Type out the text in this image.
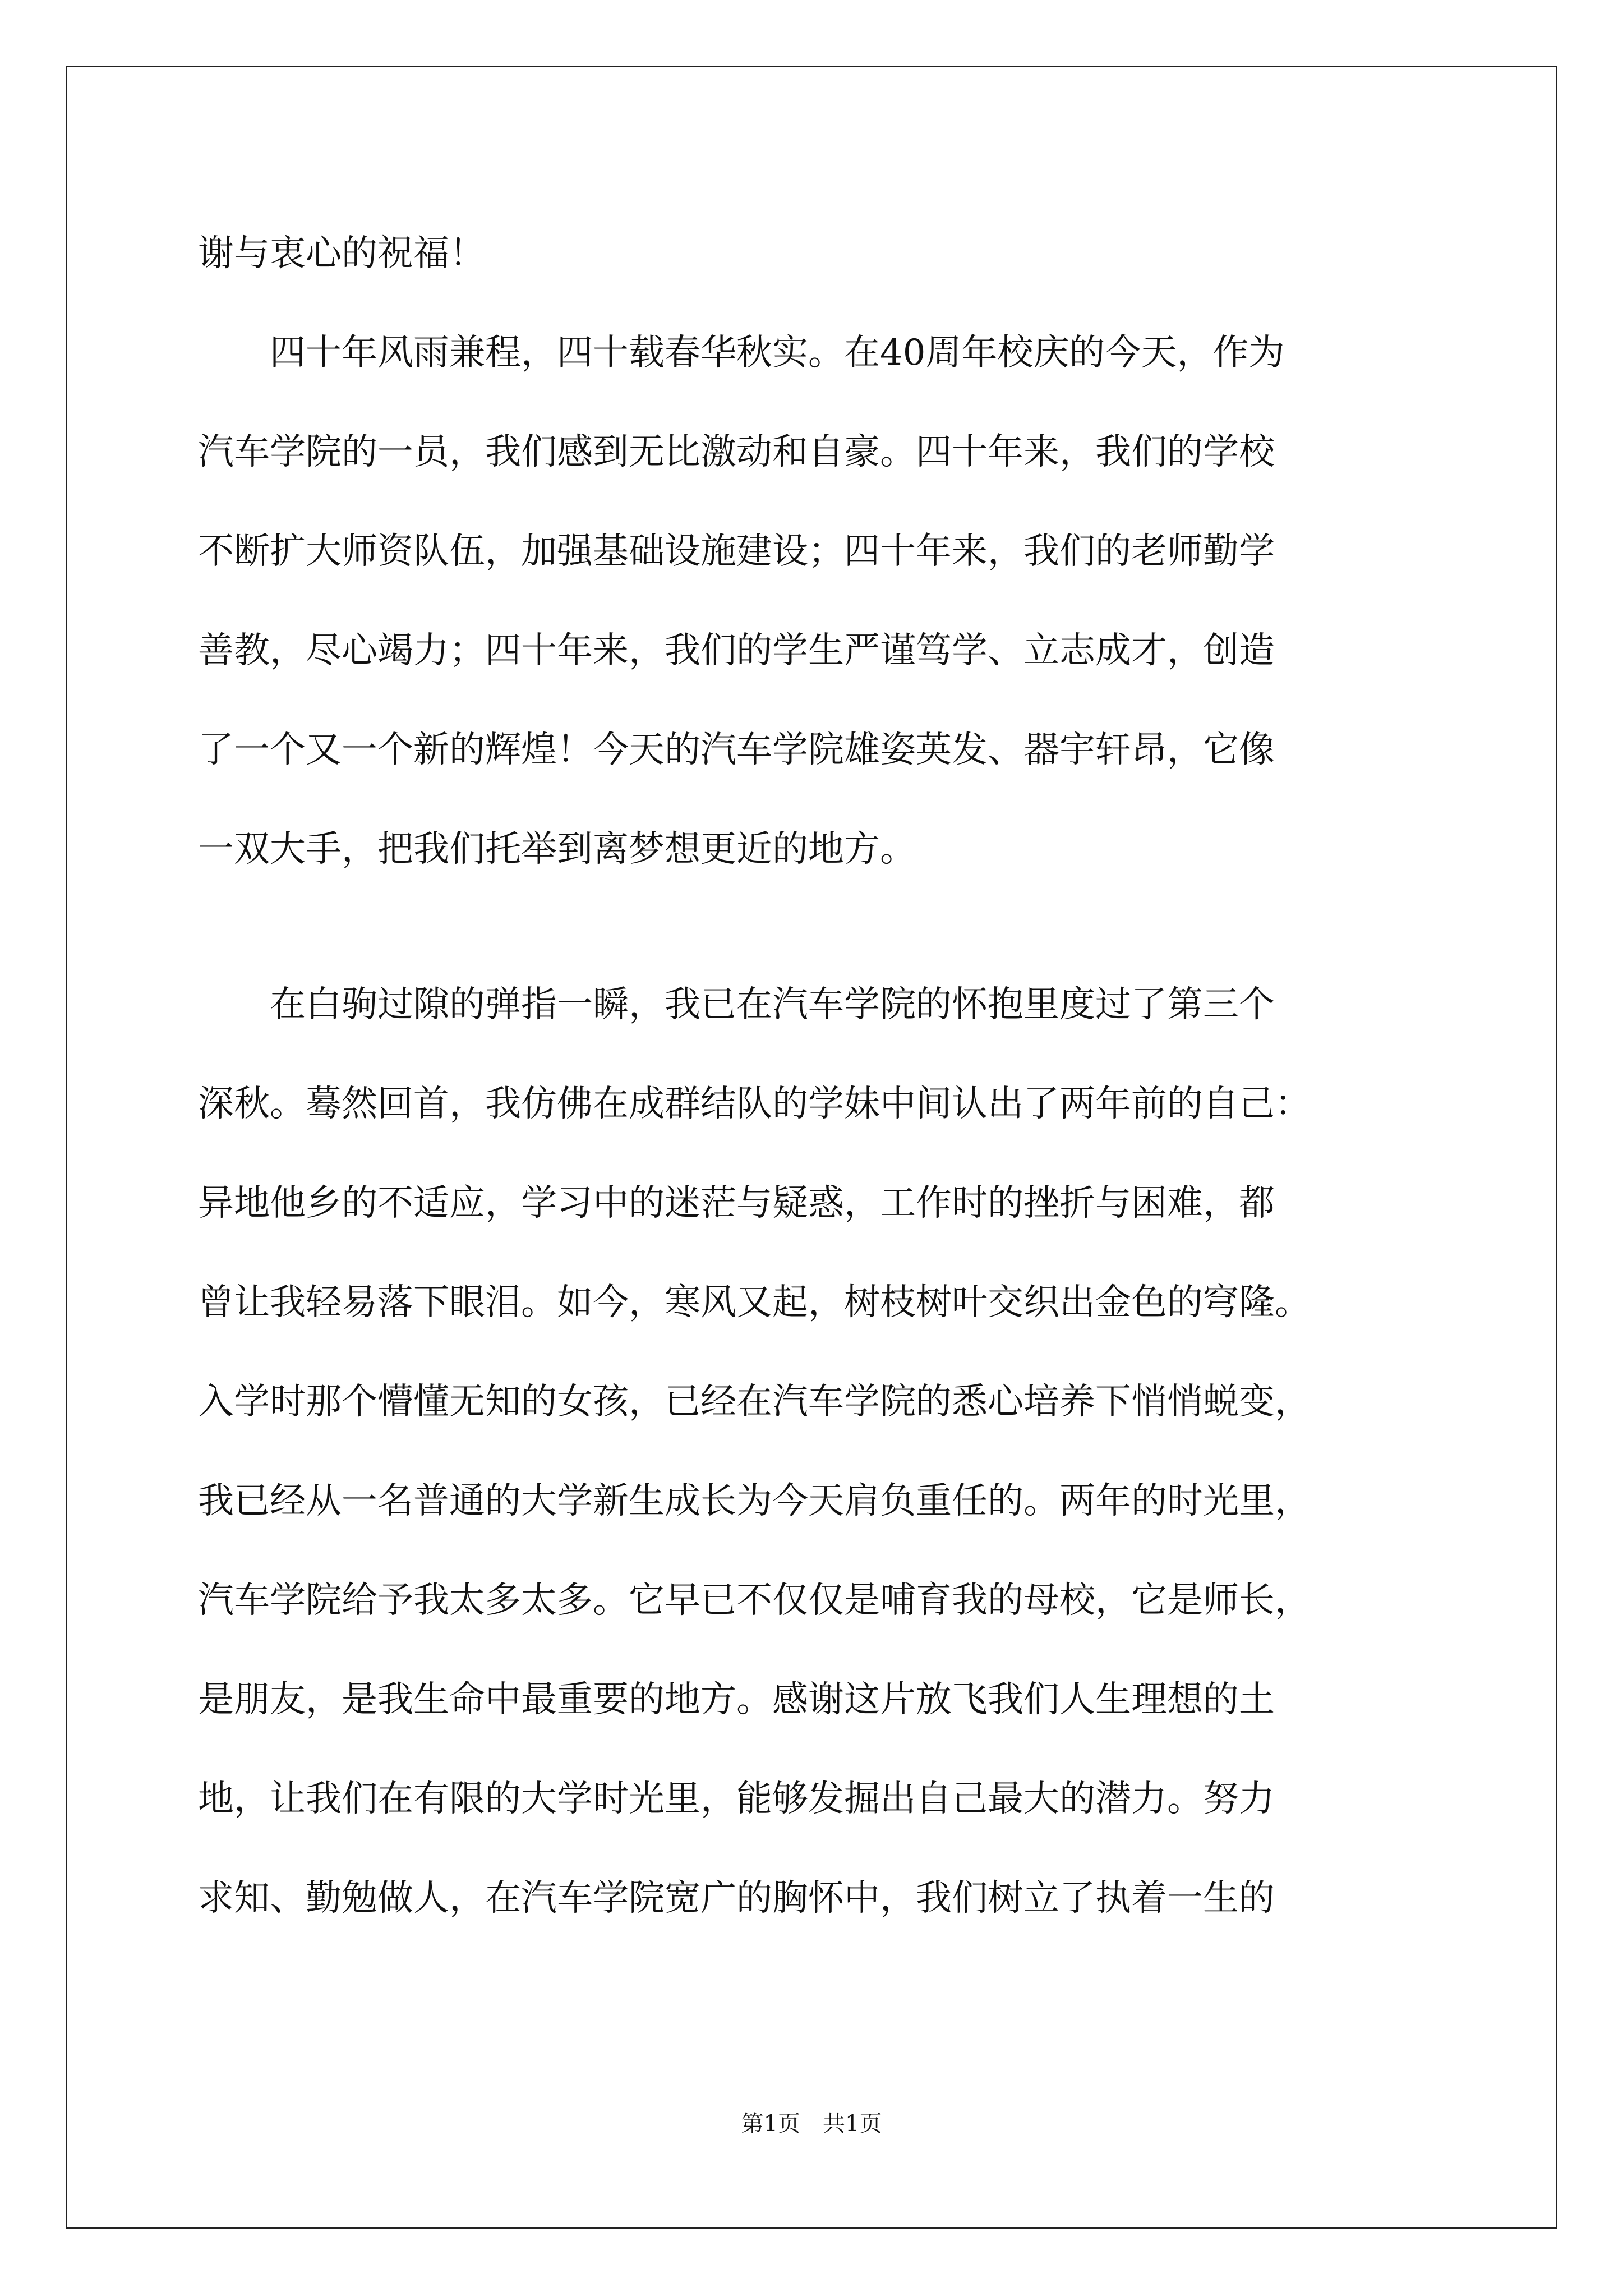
谢与衷心的祝福！

　　四十年风雨兼程，四十载春华秋实。在40周年校庆的今天，作为

汽车学院的一员，我们感到无比激动和自豪。四十年来，我们的学校

不断扩大师资队伍，加强基础设施建设；四十年来，我们的老师勤学

善教，尽心竭力；四十年来，我们的学生严谨笃学、立志成才，创造

了一个又一个新的辉煌！今天的汽车学院雄姿英发、器宇轩昂，它像

一双大手，把我们托举到离梦想更近的地方。

　　在白驹过隙的弹指一瞬，我已在汽车学院的怀抱里度过了第三个

深秋。蓦然回首，我仿佛在成群结队的学妹中间认出了两年前的自己：

异地他乡的不适应，学习中的迷茫与疑惑，工作时的挫折与困难，都

曾让我轻易落下眼泪。如今，寒风又起，树枝树叶交织出金色的穹隆。

入学时那个懵懂无知的女孩，已经在汽车学院的悉心培养下悄悄蜕变，

我已经从一名普通的大学新生成长为今天肩负重任的。两年的时光里，

汽车学院给予我太多太多。它早已不仅仅是哺育我的母校，它是师长，

是朋友，是我生命中最重要的地方。感谢这片放飞我们人生理想的土

地，让我们在有限的大学时光里，能够发掘出自己最大的潜力。努力

求知、勤勉做人，在汽车学院宽广的胸怀中，我们树立了执着一生的

第1页　共1页
